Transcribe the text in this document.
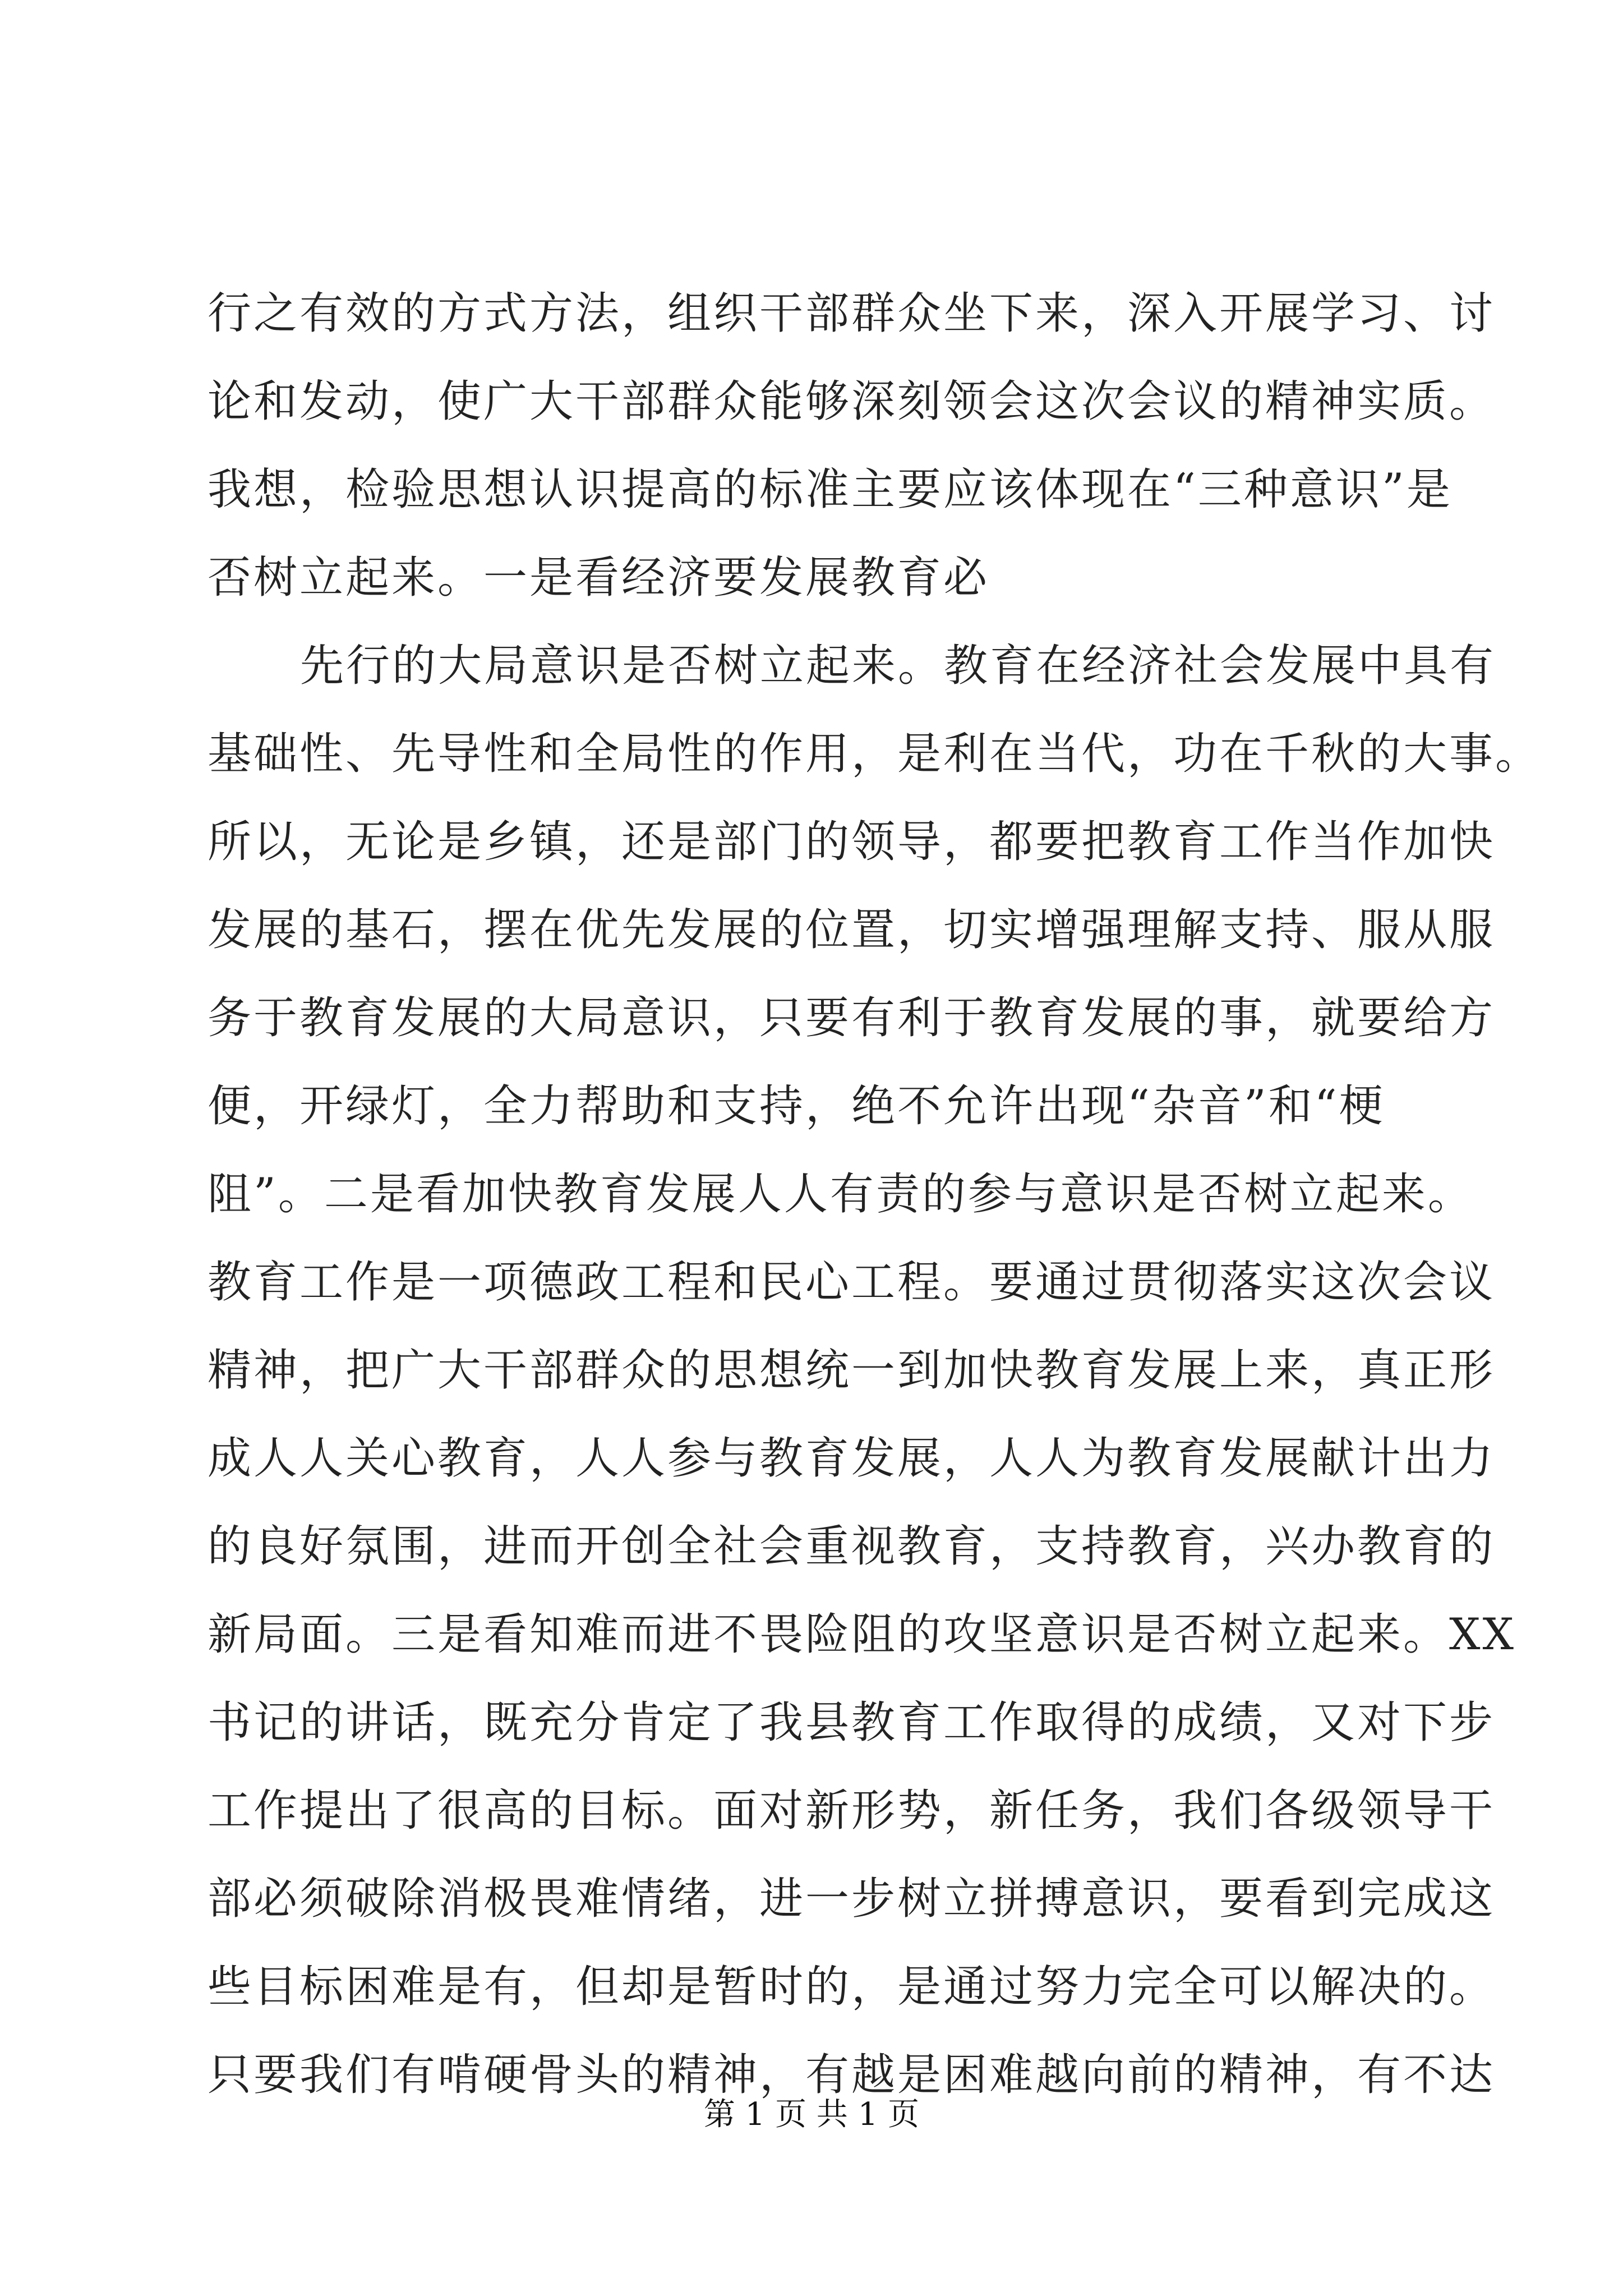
行之有效的方式方法，组织干部群众坐下来，深入开展学习、讨
论和发动，使广大干部群众能够深刻领会这次会议的精神实质。
我想，检验思想认识提高的标准主要应该体现在“三种意识”是
否树立起来。一是看经济要发展教育必
先行的大局意识是否树立起来。教育在经济社会发展中具有
基础性、先导性和全局性的作用，是利在当代，功在千秋的大事。
所以，无论是乡镇，还是部门的领导，都要把教育工作当作加快
发展的基石，摆在优先发展的位置，切实增强理解支持、服从服
务于教育发展的大局意识，只要有利于教育发展的事，就要给方
便，开绿灯，全力帮助和支持，绝不允许出现“杂音”和“梗
阻”。二是看加快教育发展人人有责的参与意识是否树立起来。
教育工作是一项德政工程和民心工程。要通过贯彻落实这次会议
精神，把广大干部群众的思想统一到加快教育发展上来，真正形
成人人关心教育，人人参与教育发展，人人为教育发展献计出力
的良好氛围，进而开创全社会重视教育，支持教育，兴办教育的
新局面。三是看知难而进不畏险阻的攻坚意识是否树立起来。XX
书记的讲话，既充分肯定了我县教育工作取得的成绩，又对下步
工作提出了很高的目标。面对新形势，新任务，我们各级领导干
部必须破除消极畏难情绪，进一步树立拼搏意识，要看到完成这
些目标困难是有，但却是暂时的，是通过努力完全可以解决的。
只要我们有啃硬骨头的精神，有越是困难越向前的精神，有不达
第 1 页 共 1 页
